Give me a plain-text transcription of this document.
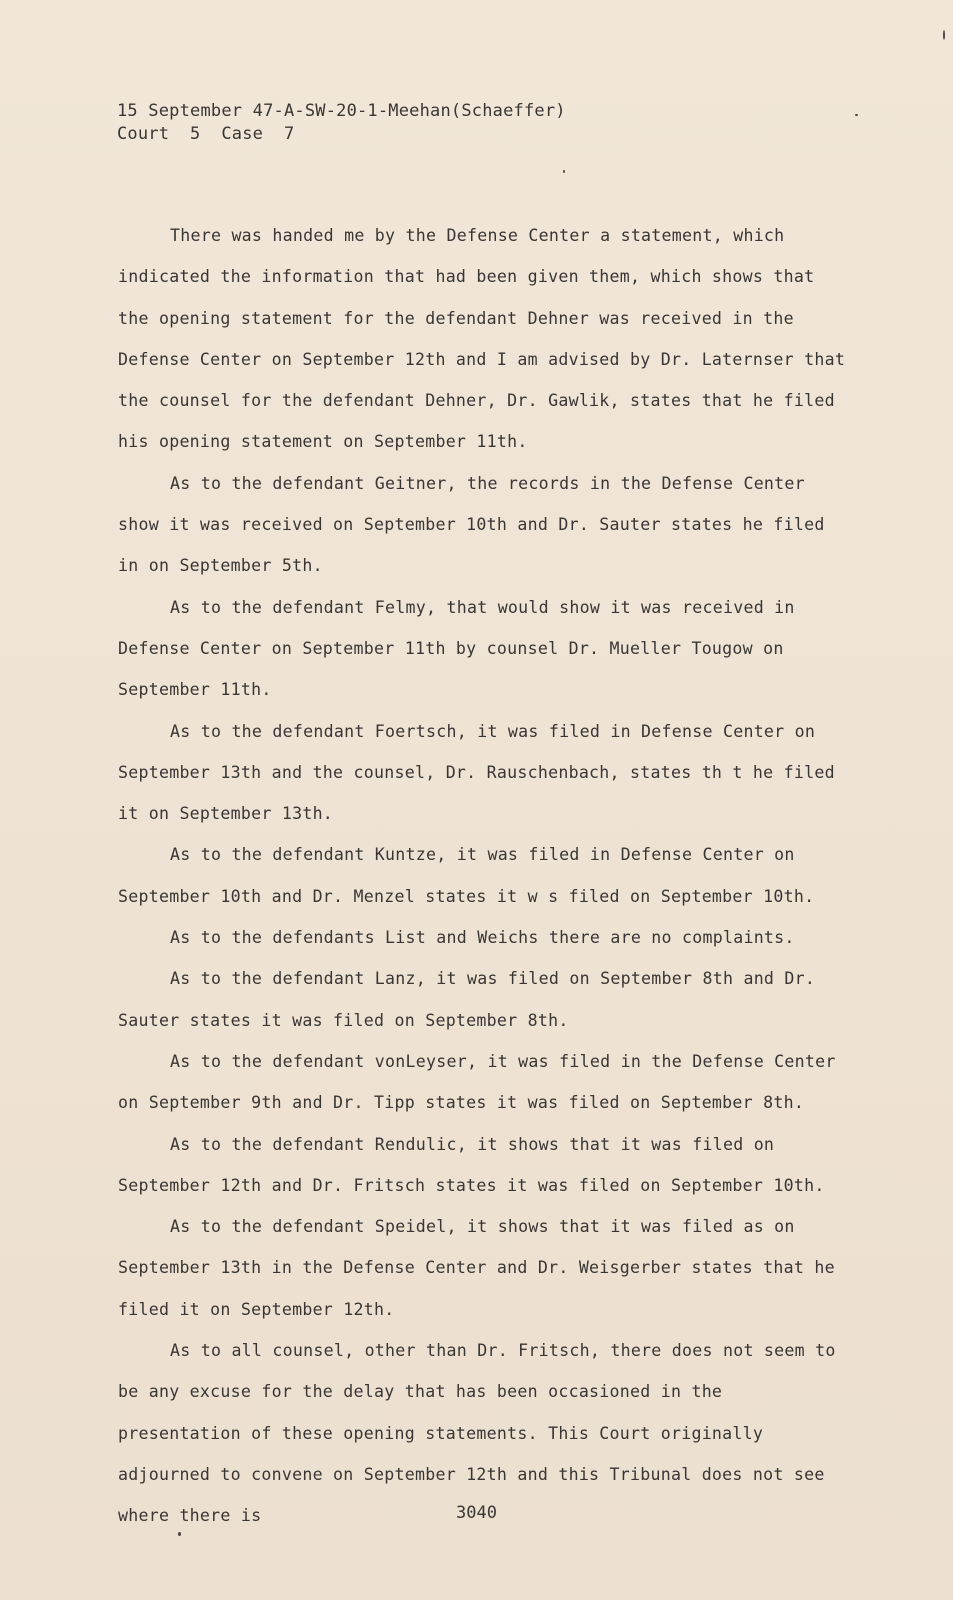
15 September 47-A-SW-20-1-Meehan(Schaeffer)
Court  5  Case  7

There was handed me by the Defense Center a statement, which indicated the information that had been given them, which shows that the opening statement for the defendant Dehner was received in the Defense Center on September 12th and I am advised by Dr. Laternser that the counsel for the defendant Dehner, Dr. Gawlik, states that he filed his opening statement on September 11th.

As to the defendant Geitner, the records in the Defense Center show it was received on September 10th and Dr. Sauter states he filed in on September 5th.

As to the defendant Felmy, that would show it was received in Defense Center on September 11th by counsel Dr. Mueller Tougow on September 11th.

As to the defendant Foertsch, it was filed in Defense Center on September 13th and the counsel, Dr. Rauschenbach, states th t he filed it on September 13th.

As to the defendant Kuntze, it was filed in Defense Center on September 10th and Dr. Menzel states it w s filed on September 10th.

As to the defendants List and Weichs there are no complaints.

As to the defendant Lanz, it was filed on September 8th and Dr. Sauter states it was filed on September 8th.

As to the defendant vonLeyser, it was filed in the Defense Center on September 9th and Dr. Tipp states it was filed on September 8th.

As to the defendant Rendulic, it shows that it was filed on September 12th and Dr. Fritsch states it was filed on September 10th.

As to the defendant Speidel, it shows that it was filed as on September 13th in the Defense Center and Dr. Weisgerber states that he filed it on September 12th.

As to all counsel, other than Dr. Fritsch, there does not seem to be any excuse for the delay that has been occasioned in the presentation of these opening statements. This Court originally adjourned to convene on September 12th and this Tribunal does not see where there is	3040
